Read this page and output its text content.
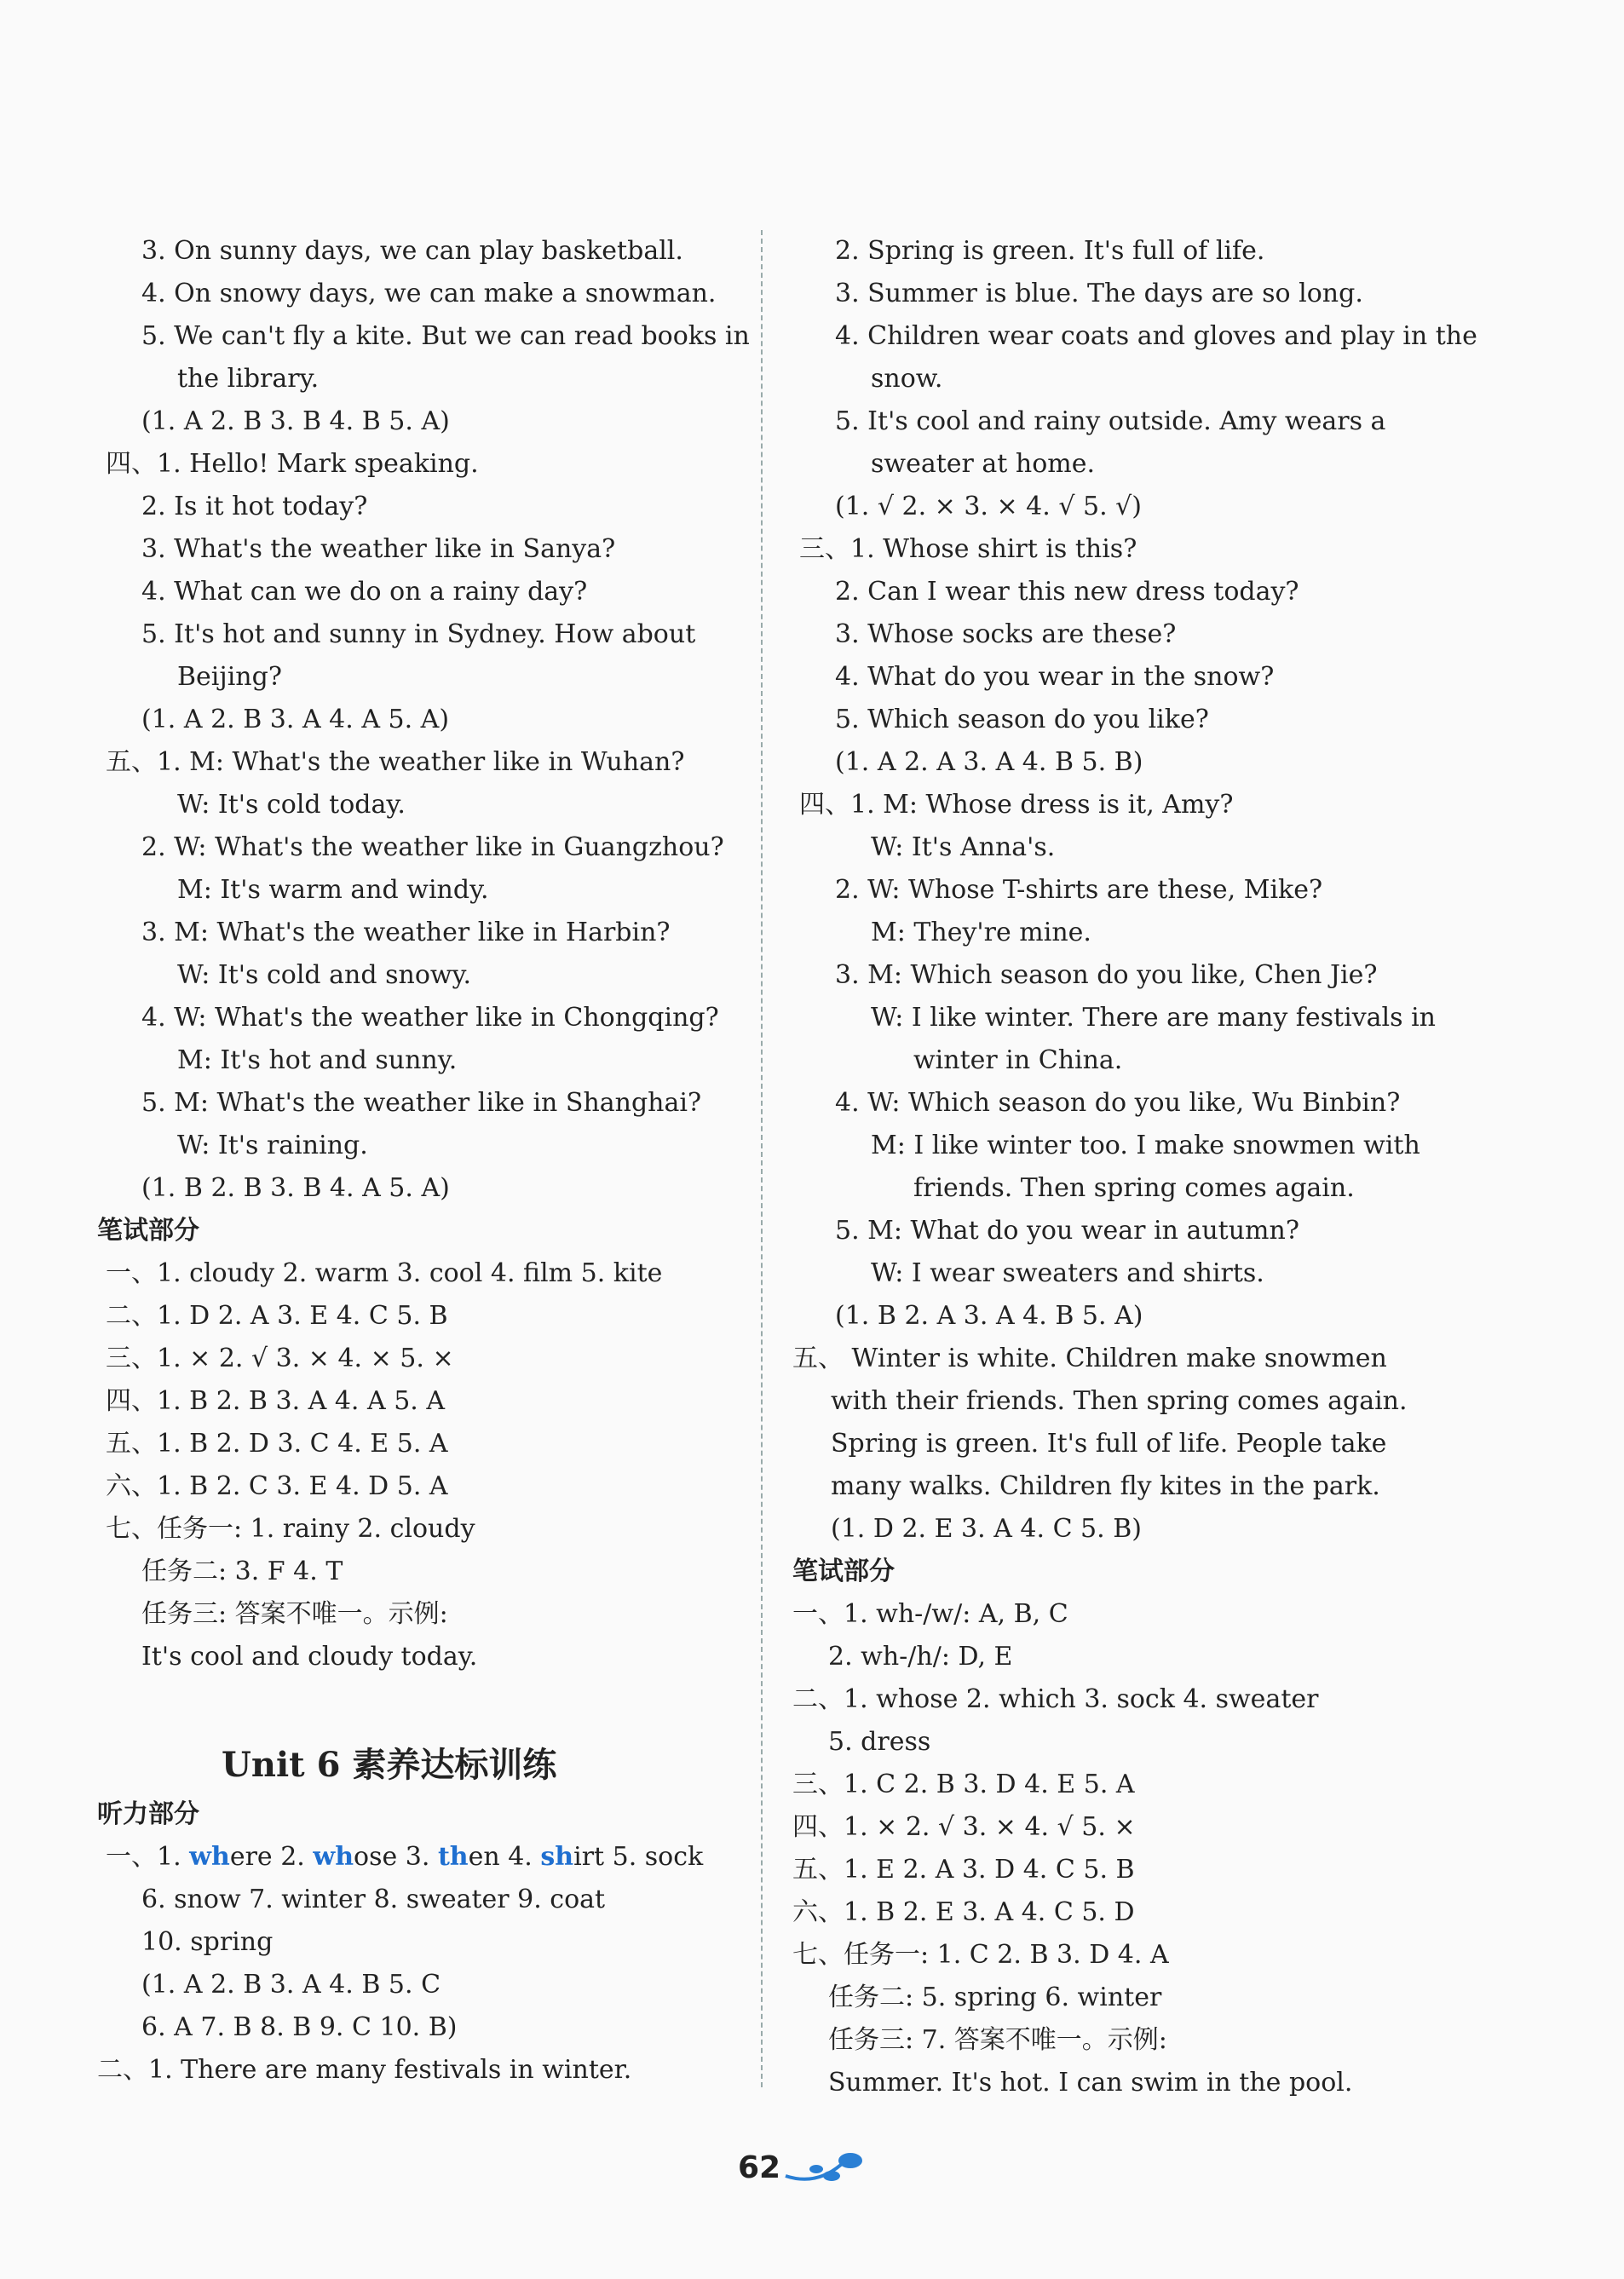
3. On sunny days, we can play basketball.
4. On snowy days, we can make a snowman.
5. We can't fly a kite. But we can read books in
the library.
(1. A 2. B 3. B 4. B 5. A)
四、1. Hello! Mark speaking.
2. Is it hot today?
3. What's the weather like in Sanya?
4. What can we do on a rainy day?
5. It's hot and sunny in Sydney. How about
Beijing?
(1. A 2. B 3. A 4. A 5. A)
五、1. M: What's the weather like in Wuhan?
W: It's cold today.
2. W: What's the weather like in Guangzhou?
M: It's warm and windy.
3. M: What's the weather like in Harbin?
W: It's cold and snowy.
4. W: What's the weather like in Chongqing?
M: It's hot and sunny.
5. M: What's the weather like in Shanghai?
W: It's raining.
(1. B 2. B 3. B 4. A 5. A)
笔试部分
一、1. cloudy 2. warm 3. cool 4. film 5. kite
二、1. D 2. A 3. E 4. C 5. B
三、1. × 2. √ 3. × 4. × 5. ×
四、1. B 2. B 3. A 4. A 5. A
五、1. B 2. D 3. C 4. E 5. A
六、1. B 2. C 3. E 4. D 5. A
七、任务一: 1. rainy 2. cloudy
任务二: 3. F 4. T
任务三: 答案不唯一。示例:
It's cool and cloudy today.
听力部分
一、1. where 2. whose 3. then 4. shirt 5. sock
6. snow 7. winter 8. sweater 9. coat
10. spring
(1. A 2. B 3. A 4. B 5. C
6. A 7. B 8. B 9. C 10. B)
二、1. There are many festivals in winter.
Unit 6 素养达标训练
2. Spring is green. It's full of life.
3. Summer is blue. The days are so long.
4. Children wear coats and gloves and play in the
snow.
5. It's cool and rainy outside. Amy wears a
sweater at home.
(1. √ 2. × 3. × 4. √ 5. √)
三、1. Whose shirt is this?
2. Can I wear this new dress today?
3. Whose socks are these?
4. What do you wear in the snow?
5. Which season do you like?
(1. A 2. A 3. A 4. B 5. B)
四、1. M: Whose dress is it, Amy?
W: It's Anna's.
2. W: Whose T-shirts are these, Mike?
M: They're mine.
3. M: Which season do you like, Chen Jie?
W: I like winter. There are many festivals in
winter in China.
4. W: Which season do you like, Wu Binbin?
M: I like winter too. I make snowmen with
friends. Then spring comes again.
5. M: What do you wear in autumn?
W: I wear sweaters and shirts.
(1. B 2. A 3. A 4. B 5. A)
五、 Winter is white. Children make snowmen
with their friends. Then spring comes again.
Spring is green. It's full of life. People take
many walks. Children fly kites in the park.
(1. D 2. E 3. A 4. C 5. B)
笔试部分
一、1. wh-/w/: A, B, C
2. wh-/h/: D, E
二、1. whose 2. which 3. sock 4. sweater
5. dress
三、1. C 2. B 3. D 4. E 5. A
四、1. × 2. √ 3. × 4. √ 5. ×
五、1. E 2. A 3. D 4. C 5. B
六、1. B 2. E 3. A 4. C 5. D
七、任务一: 1. C 2. B 3. D 4. A
任务二: 5. spring 6. winter
任务三: 7. 答案不唯一。示例:
Summer. It's hot. I can swim in the pool.
62
